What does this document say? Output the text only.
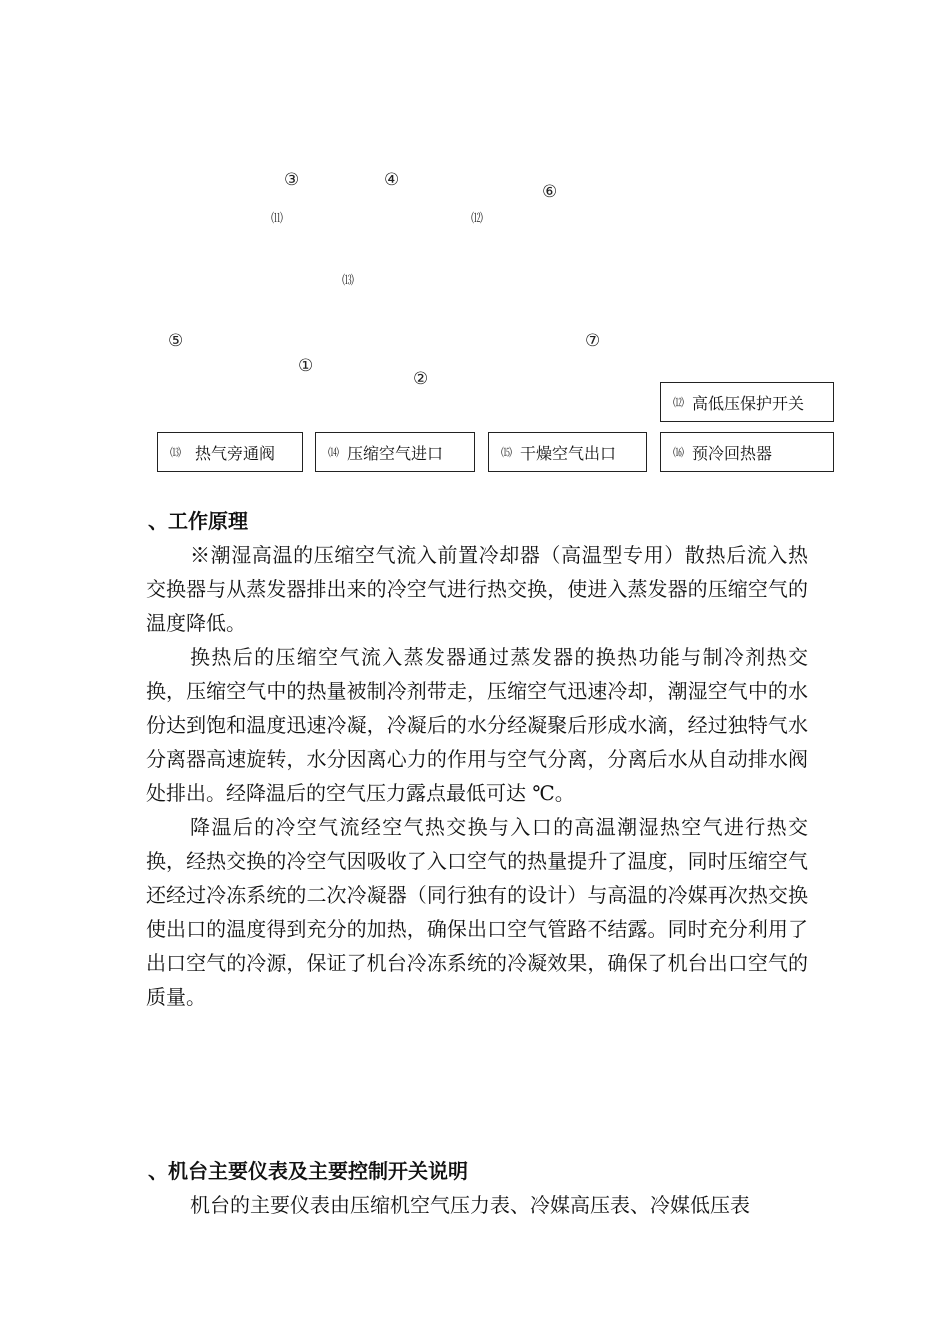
③	④
⑥
⑾	⑿
⒀
⑤	⑦
①
②
⑿ 高低压保护开关
⒀ 热气旁通阀	⒁ 压缩空气进口	⒂ 干燥空气出口	⒃ 预冷回热器
、工作原理

※潮湿高温的压缩空气流入前置冷却器（高温型专用）散热后流入热交换器与从蒸发器排出来的冷空气进行热交换，使进入蒸发器的压缩空气的温度降低。

换热后的压缩空气流入蒸发器通过蒸发器的换热功能与制冷剂热交换，压缩空气中的热量被制冷剂带走，压缩空气迅速冷却，潮湿空气中的水份达到饱和温度迅速冷凝，冷凝后的水分经凝聚后形成水滴，经过独特气水分离器高速旋转，水分因离心力的作用与空气分离，分离后水从自动排水阀处排出。经降温后的空气压力露点最低可达 ℃。

降温后的冷空气流经空气热交换与入口的高温潮湿热空气进行热交换，经热交换的冷空气因吸收了入口空气的热量提升了温度，同时压缩空气还经过冷冻系统的二次冷凝器（同行独有的设计）与高温的冷媒再次热交换使出口的温度得到充分的加热，确保出口空气管路不结露。同时充分利用了出口空气的冷源，保证了机台冷冻系统的冷凝效果，确保了机台出口空气的质量。

、机台主要仪表及主要控制开关说明

机台的主要仪表由压缩机空气压力表、冷媒高压表、冷媒低压表
